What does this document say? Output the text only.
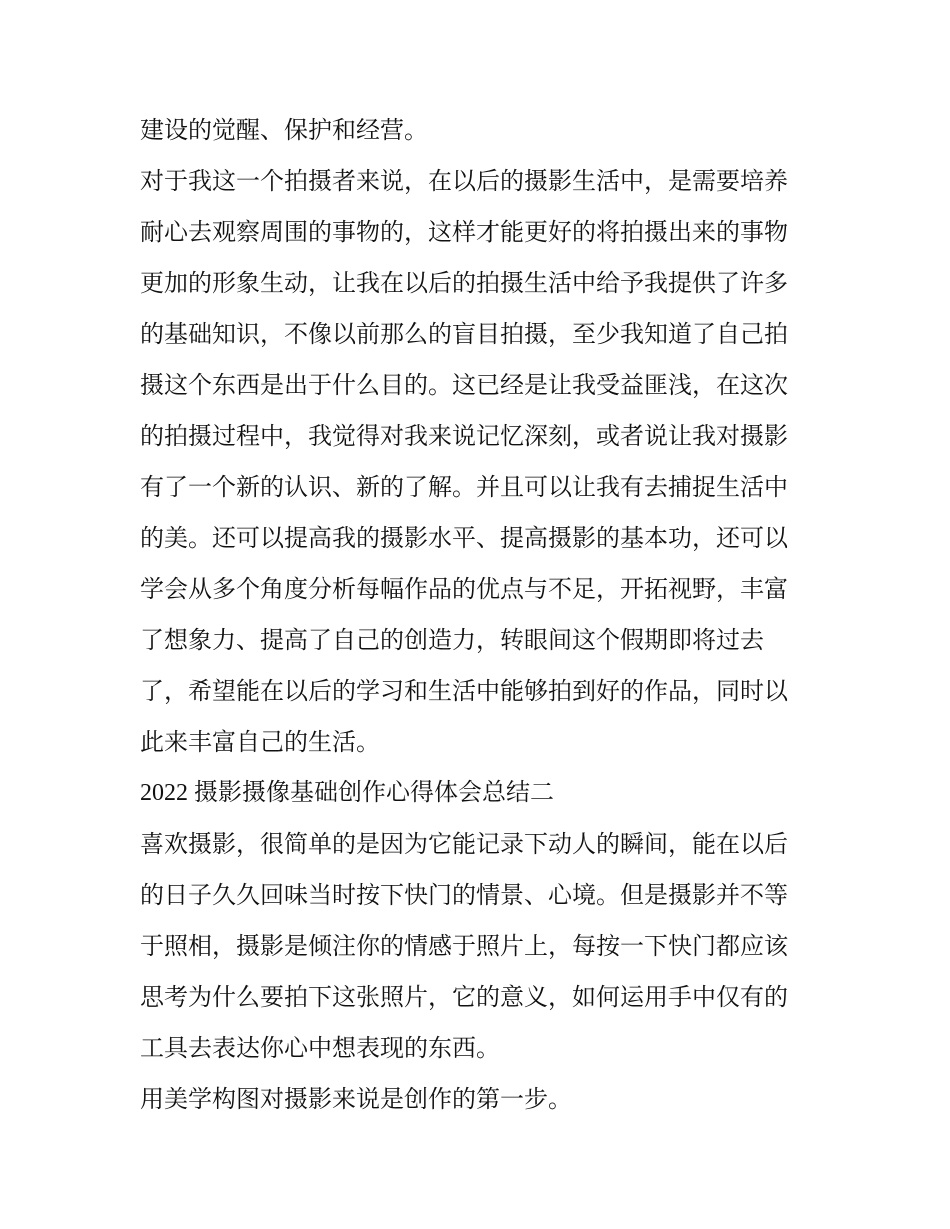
建设的觉醒、保护和经营。
对于我这一个拍摄者来说，在以后的摄影生活中，是需要培养
耐心去观察周围的事物的，这样才能更好的将拍摄出来的事物
更加的形象生动，让我在以后的拍摄生活中给予我提供了许多
的基础知识，不像以前那么的盲目拍摄，至少我知道了自己拍
摄这个东西是出于什么目的。这已经是让我受益匪浅，在这次
的拍摄过程中，我觉得对我来说记忆深刻，或者说让我对摄影
有了一个新的认识、新的了解。并且可以让我有去捕捉生活中
的美。还可以提高我的摄影水平、提高摄影的基本功，还可以
学会从多个角度分析每幅作品的优点与不足，开拓视野，丰富
了想象力、提高了自己的创造力，转眼间这个假期即将过去
了，希望能在以后的学习和生活中能够拍到好的作品，同时以
此来丰富自己的生活。
2022 摄影摄像基础创作心得体会总结二
喜欢摄影，很简单的是因为它能记录下动人的瞬间，能在以后
的日子久久回味当时按下快门的情景、心境。但是摄影并不等
于照相，摄影是倾注你的情感于照片上，每按一下快门都应该
思考为什么要拍下这张照片，它的意义，如何运用手中仅有的
工具去表达你心中想表现的东西。
用美学构图对摄影来说是创作的第一步。
